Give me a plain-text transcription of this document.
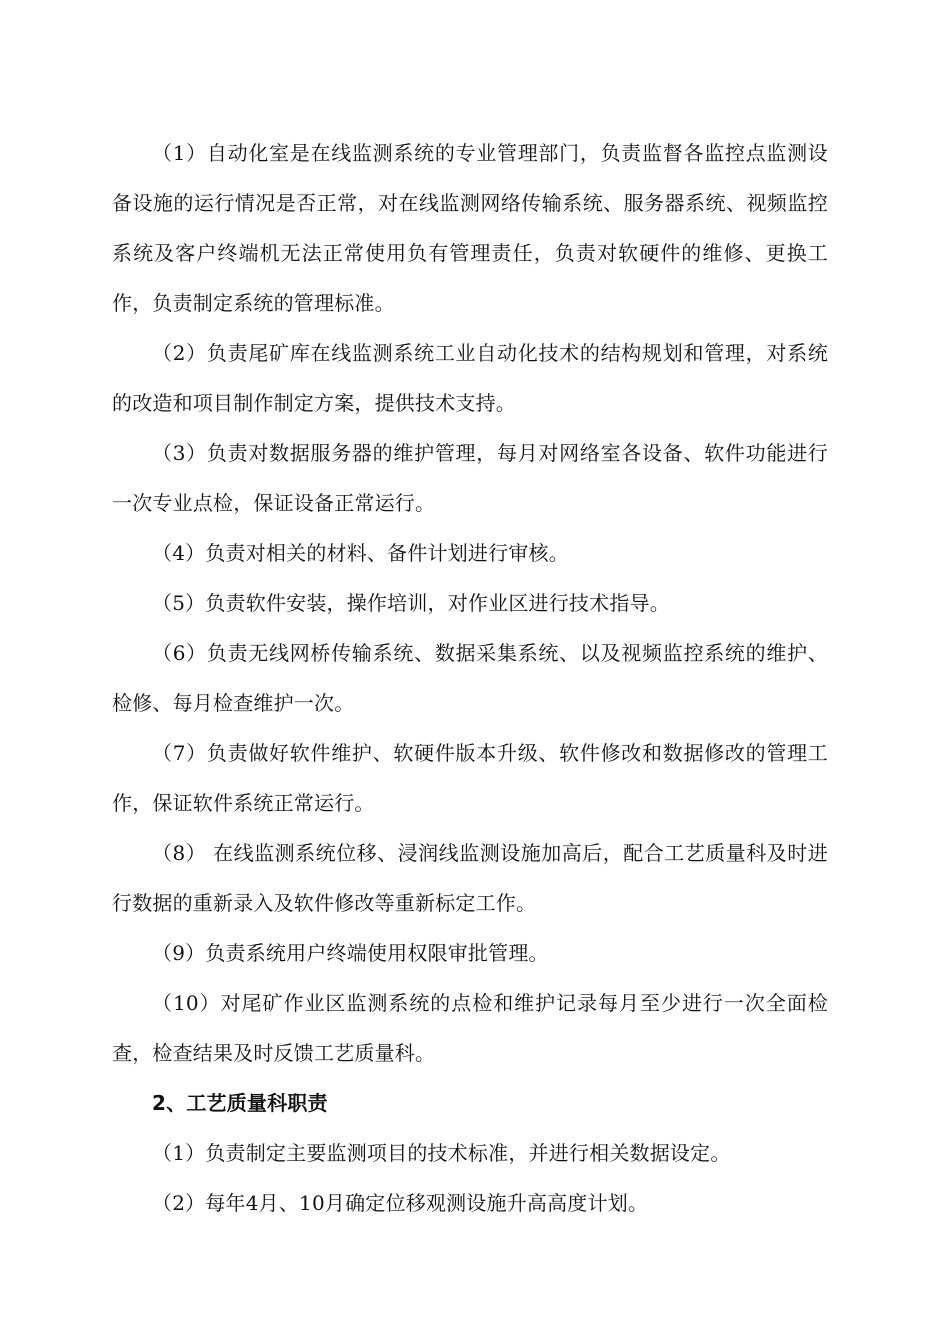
（1）自动化室是在线监测系统的专业管理部门，负责监督各监控点监测设备设施的运行情况是否正常，对在线监测网络传输系统、服务器系统、视频监控系统及客户终端机无法正常使用负有管理责任，负责对软硬件的维修、更换工作，负责制定系统的管理标准。

（2）负责尾矿库在线监测系统工业自动化技术的结构规划和管理，对系统的改造和项目制作制定方案，提供技术支持。

（3）负责对数据服务器的维护管理，每月对网络室各设备、软件功能进行一次专业点检，保证设备正常运行。

（4）负责对相关的材料、备件计划进行审核。

（5）负责软件安装，操作培训，对作业区进行技术指导。

（6）负责无线网桥传输系统、数据采集系统、以及视频监控系统的维护、检修、每月检查维护一次。

（7）负责做好软件维护、软硬件版本升级、软件修改和数据修改的管理工作，保证软件系统正常运行。

（8） 在线监测系统位移、浸润线监测设施加高后，配合工艺质量科及时进行数据的重新录入及软件修改等重新标定工作。

（9）负责系统用户终端使用权限审批管理。

（10）对尾矿作业区监测系统的点检和维护记录每月至少进行一次全面检查，检查结果及时反馈工艺质量科。

2、工艺质量科职责

（1）负责制定主要监测项目的技术标准，并进行相关数据设定。

（2）每年4月、10月确定位移观测设施升高高度计划。
